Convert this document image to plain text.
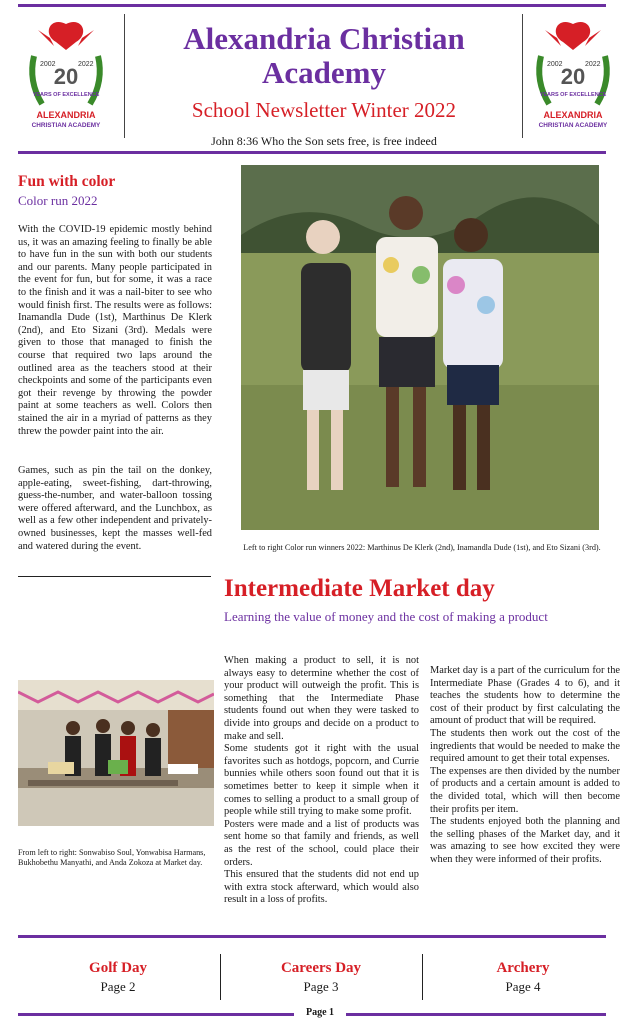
20
2002	2022
YEARS OF EXCELLENCE
ALEXANDRIA
CHRISTIAN ACADEMY
20
2002	2022
YEARS OF EXCELLENCE
ALEXANDRIA
CHRISTIAN ACADEMY
Alexandria Christian Academy
School Newsletter Winter 2022
John 8:36 Who the Son sets free, is free indeed
Fun with color
Color run 2022
With the COVID-19 epidemic mostly behind us, it was an amazing feeling to finally be able to have fun in the sun with both our students and our parents. Many people participated in the event for fun, but for some, it was a race to the finish and it was a nail-biter to see who would finish first. The results were as follows: Inamandla Dude (1st), Marthinus De Klerk (2nd), and Eto Sizani (3rd). Medals were given to those that managed to finish the course that required two laps around the outlined area as the teachers stood at their checkpoints and some of the participants even got their revenge by throwing the powder paint at some teachers as well. Colors then stained the air in a myriad of patterns as they threw the powder paint into the air.
Games, such as pin the tail on the donkey, apple-eating, sweet-fishing, dart-throwing, guess-the-number, and water-balloon tossing were offered afterward, and the Lunchbox, as well as a few other independent and privately-owned businesses, kept the masses well-fed and watered during the event.	Left to right Color run winners 2022: Marthinus De Klerk (2nd), Inamandla Dude (1st), and Eto Sizani (3rd).
Intermediate Market day
Learning the value of money and the cost of making a product
From left to right: Sonwabiso Soul, Yonwabisa Harmans, Bukhobethu Manyathi, and Anda Zokoza at Market day.
When making a product to sell, it is not always easy to determine whether the cost of your product will outweigh the profit. This is something that the Intermediate Phase students found out when they were tasked to divide into groups and decide on a product to make and sell.
Some students got it right with the usual favorites such as hotdogs, popcorn, and Currie bunnies while others soon found out that it is sometimes better to keep it simple when it comes to selling a product to a small group of people while still trying to make some profit.
Posters were made and a list of products was sent home so that family and friends, as well as the rest of the school, could place their orders.
This ensured that the students did not end up with extra stock afterward, which would also result in a loss of profits.
Market day is a part of the curriculum for the Intermediate Phase (Grades 4 to 6), and it teaches the students how to determine the cost of their product by first calculating the amount of product that will be required.
The students then work out the cost of the ingredients that would be needed to make the required amount to get their total expenses.
The expenses are then divided by the number of products and a certain amount is added to the divided total, which will then become their profits per item.
The students enjoyed both the planning and the selling phases of the Market day, and it was amazing to see how excited they were when they were informed of their profits.
Golf Day
Page 2
Careers Day
Page 3
Archery
Page 4
Page 1
